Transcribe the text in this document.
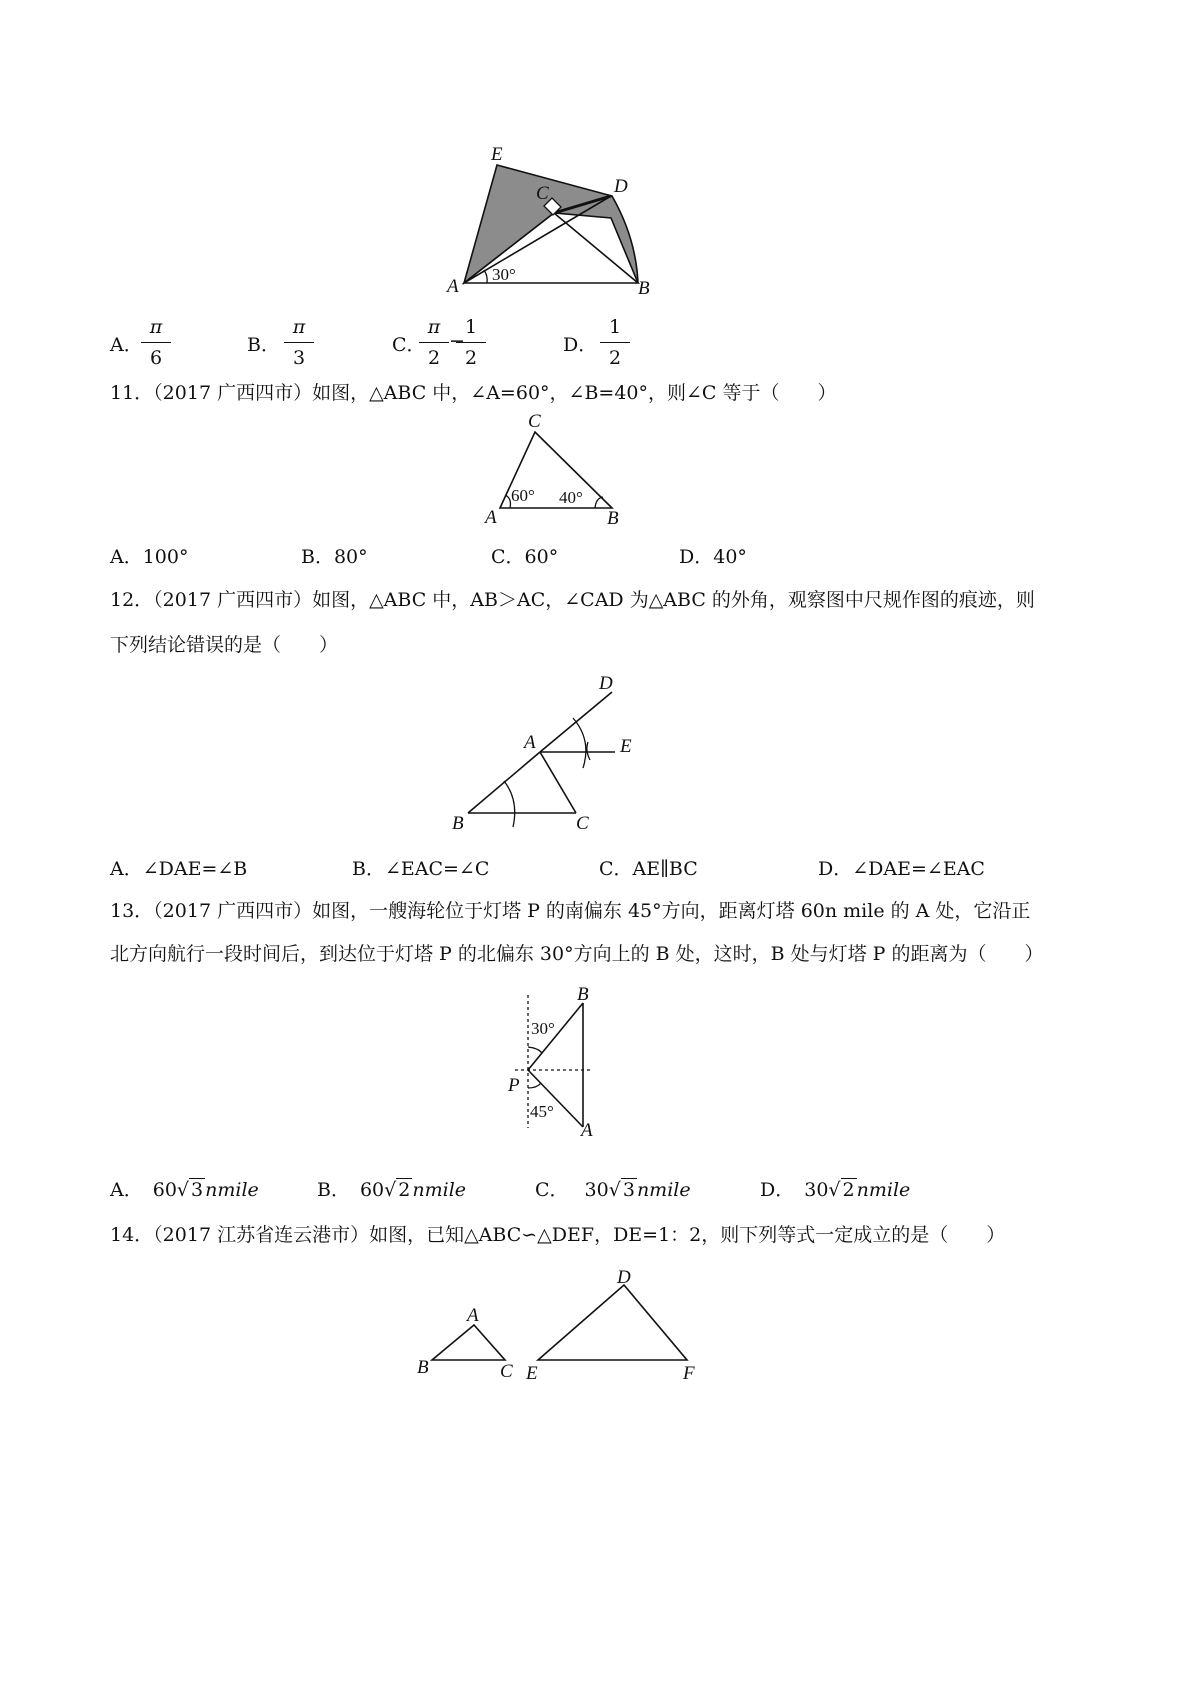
E
C	D
A	B
30°
A．
$\frac{\pi}{6}$	B． $\frac{\pi}{3}$	C．
$\frac{\pi}{2}$ −
$\frac{1}{2}$	D． $\frac{1}{2}$
11．（2017 广西四市）如图，△ABC 中，∠A=60°，∠B=40°，则∠C 等于（　　）
C
A	B
60° 40°
A．100°	B．80°	C．60°	D．40°
12．（2017 广西四市）如图，△ABC 中，AB＞AC，∠CAD 为△ABC 的外角，观察图中尺规作图的痕迹，则
下列结论错误的是（　　）
D
A	E
B	C
A．∠DAE=∠B	B．∠EAC=∠C	C．AE∥BC	D．∠DAE=∠EAC
13．（2017 广西四市）如图，一艘海轮位于灯塔 P 的南偏东 45°方向，距离灯塔 60n mile 的 A 处，它沿正
北方向航行一段时间后，到达位于灯塔 P 的北偏东 30°方向上的 B 处，这时，B 处与灯塔 P 的距离为（　　）
B
P
A
30°
45°
A． 60√ 3 nmile	B． 60√ 2 nmile	C． 30√ 3 nmile	D． 30√ 2 nmile
14．（2017 江苏省连云港市）如图，已知△ABC∽△DEF，DE=1：2，则下列等式一定成立的是（　　）
A
B	C
D
E	F
